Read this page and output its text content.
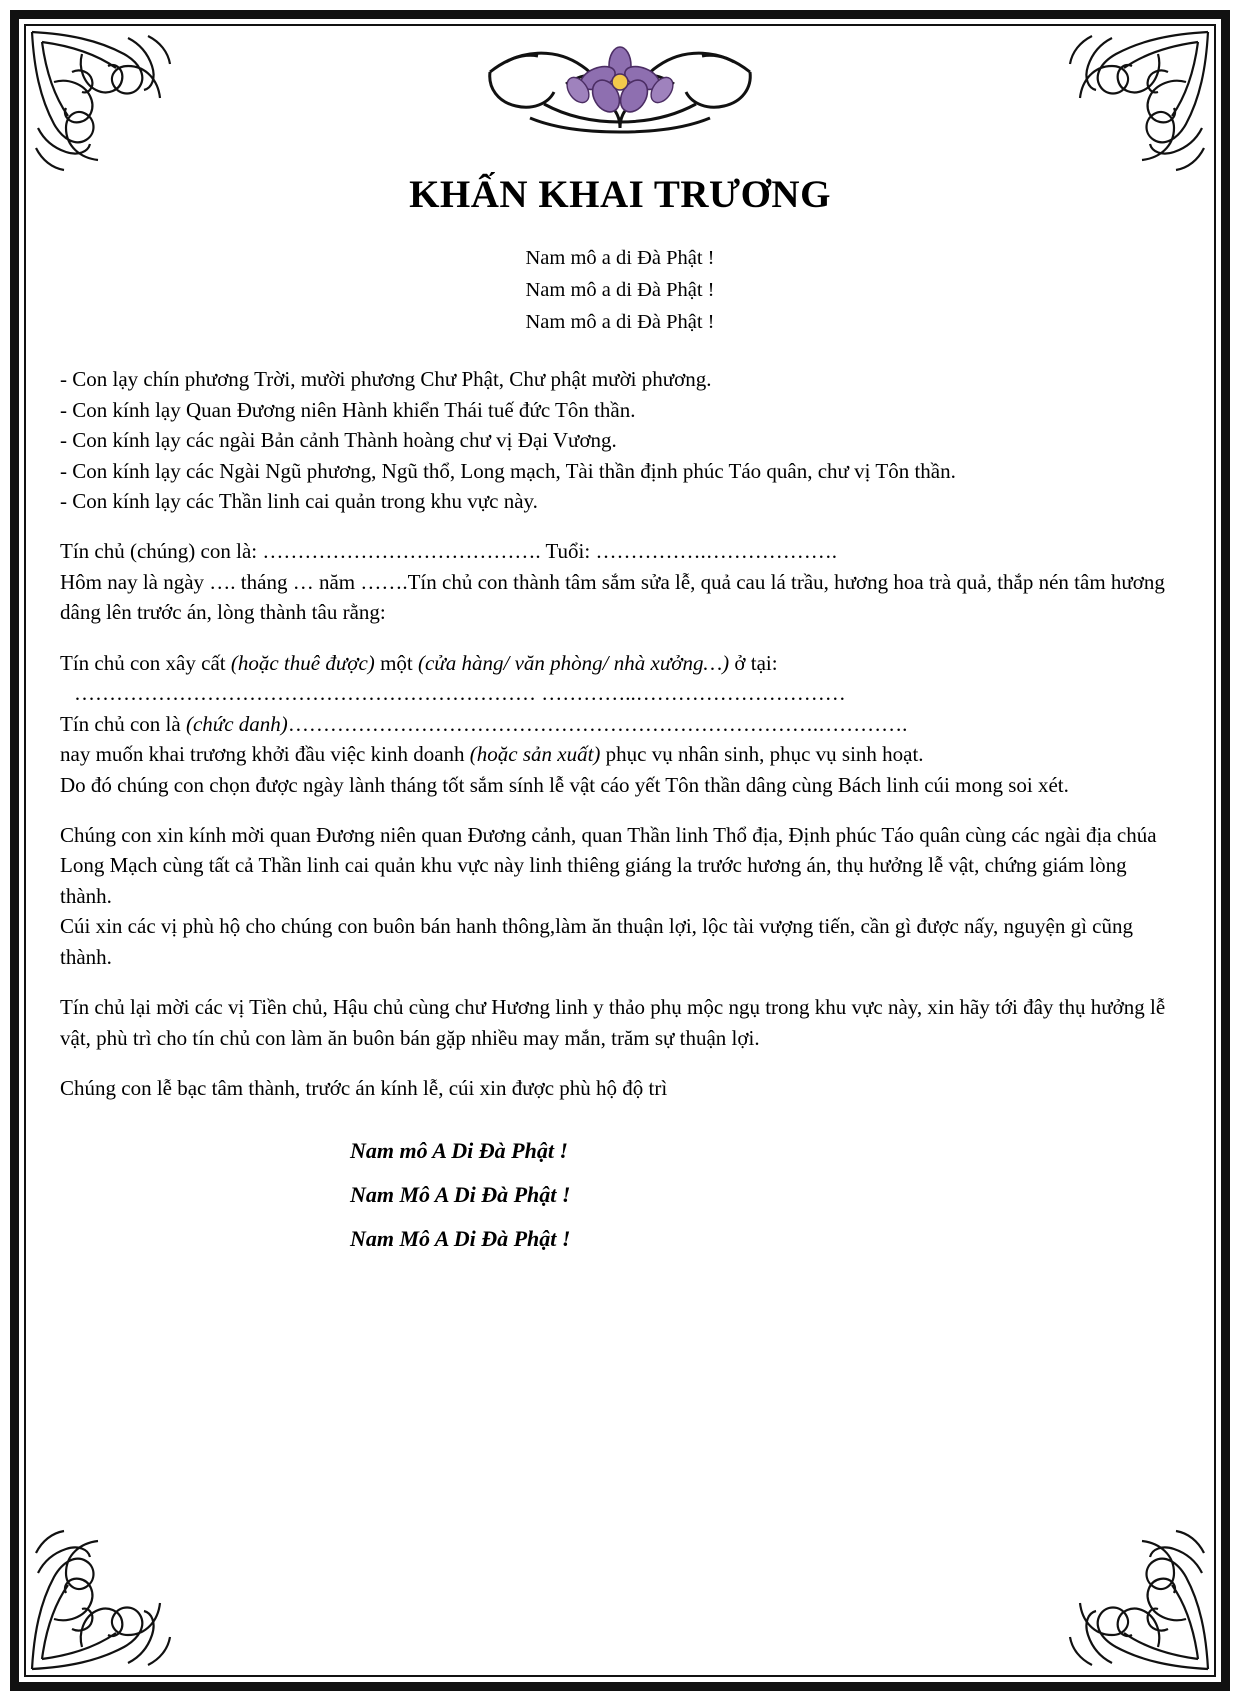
KHẤN KHAI TRƯƠNG
Nam mô a di Đà Phật !
Nam mô a di Đà Phật !
Nam mô a di Đà Phật !

- Con lạy chín phương Trời, mười phương Chư Phật, Chư phật mười phương.

- Con kính lạy Quan Đương niên Hành khiển Thái tuế đức Tôn thần.

- Con kính lạy các ngài Bản cảnh Thành hoàng chư vị Đại Vương.

- Con kính lạy các Ngài Ngũ phương, Ngũ thổ, Long mạch, Tài thần định phúc Táo quân, chư vị Tôn thần.

- Con kính lạy các Thần linh cai quản trong khu vực này.

Tín chủ (chúng) con là: …………………………………. Tuổi: …………….……………….

Hôm nay là ngày …. tháng … năm …….Tín chủ con thành tâm sắm sửa lễ, quả cau lá trầu, hương hoa trà quả, thắp nén tâm hương dâng lên trước án, lòng thành tâu rằng:

Tín chủ con xây cất (hoặc thuê được) một (cửa hàng/ văn phòng/ nhà xưởng…) ở tại:

………………………………………………………… …………..…………………………

Tín chủ con là (chức danh)………………………………………………………………….………….

nay muốn khai trương khởi đầu việc kinh doanh (hoặc sản xuất) phục vụ nhân sinh, phục vụ sinh hoạt.

Do đó chúng con chọn được ngày lành tháng tốt sắm sính lễ vật cáo yết Tôn thần dâng cùng Bách linh cúi mong soi xét.

Chúng con xin kính mời quan Đương niên quan Đương cảnh, quan Thần linh Thổ địa, Định phúc Táo quân cùng các ngài địa chúa Long Mạch cùng tất cả Thần linh cai quản khu vực này linh thiêng giáng la trước hương án, thụ hưởng lễ vật, chứng giám lòng thành.

Cúi xin các vị phù hộ cho chúng con buôn bán hanh thông,làm ăn thuận lợi, lộc tài vượng tiến, cần gì được nấy, nguyện gì cũng thành.

Tín chủ lại mời các vị Tiền chủ, Hậu chủ cùng chư Hương linh y thảo phụ mộc ngụ trong khu vực này, xin hãy tới đây thụ hưởng lễ vật, phù trì cho tín chủ con làm ăn buôn bán gặp nhiều may mắn, trăm sự thuận lợi.

Chúng con lễ bạc tâm thành, trước án kính lễ, cúi xin được phù hộ độ trì

Nam mô A Di Đà Phật !
Nam Mô A Di Đà Phật !
Nam Mô A Di Đà Phật !
